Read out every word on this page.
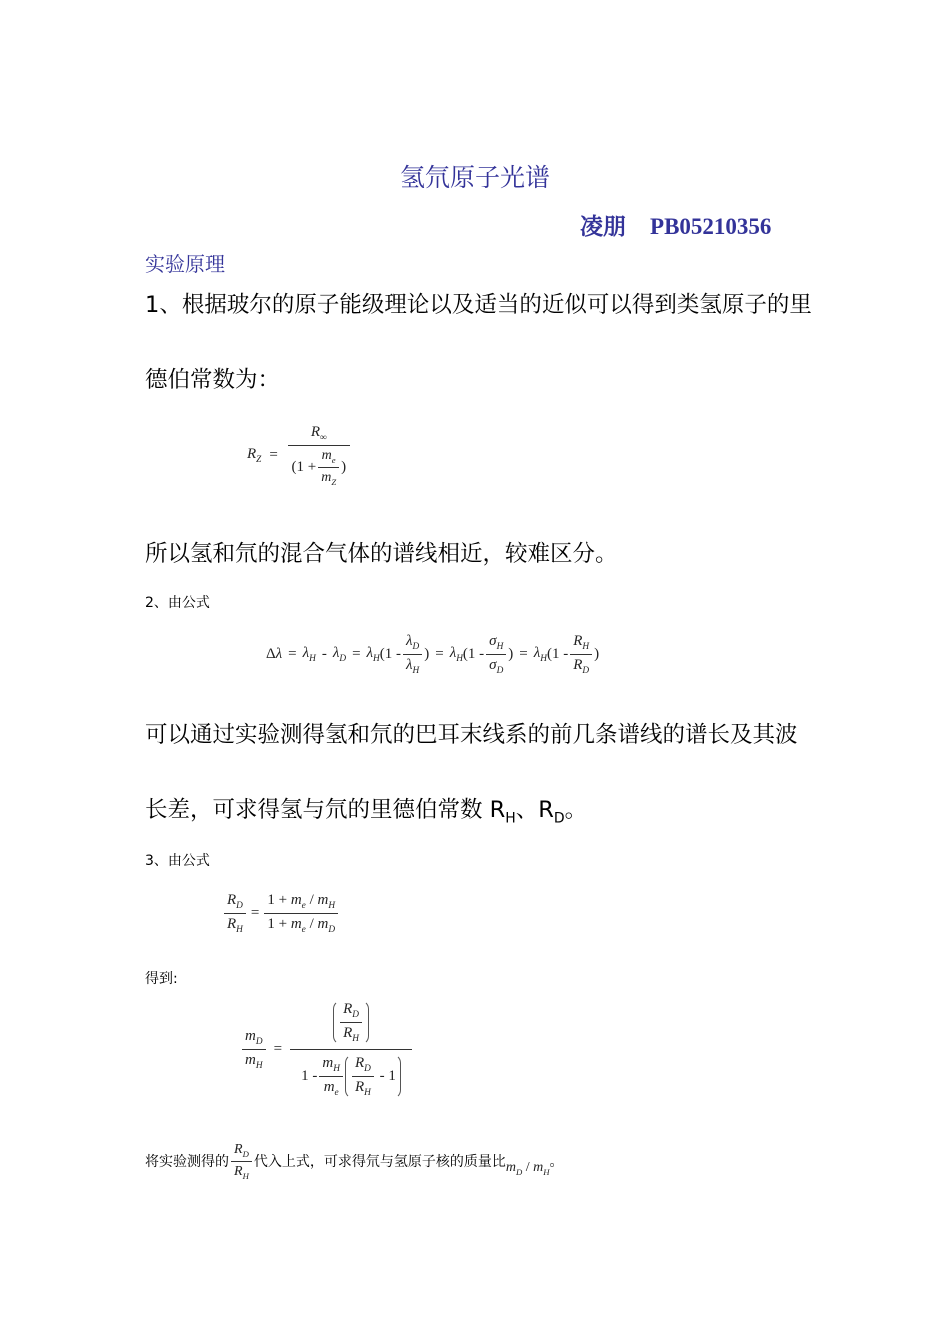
氢氘原子光谱
凌朋 PB05210356
实验原理
1、根据玻尔的原子能级理论以及适当的近似可以得到类氢原子的里
德伯常数为：
$R_Z = \frac{R_\infty}{(1 + \frac{m_e}{m_Z} )}$
所以氢和氘的混合气体的谱线相近，较难区分。
2、由公式
Δ $\lambda = \lambda_H - \lambda_D = \lambda_H$ ($1 - \frac{\lambda_D}{\lambda_H}$ ) = $\lambda_H$ ($1 - \frac{\sigma_H}{\sigma_D}$ ) = $\lambda_H$ ($1 - \frac{R_H}{R_D}$ )
可以通过实验测得氢和氘的巴耳末线系的前几条谱线的谱长及其波
长差，可求得氢与氘的里德伯常数 $R_H$、$R_D$。
3、由公式
$\frac{R_D}{R_H} = \frac{1 + m_e / m_H}{1 + m_e / m_D}$
得到:
$\frac{m_D}{m_H} = \frac{\frac{R_D}{R_H}}{1 - \frac{m_H}{m_e} \frac{R_D}{R_H} - 1}$
将实验测得的 $\frac{R_D}{R_H}$ 代入上式，可求得氘与氢原子核的质量比 $m_D / m_H$
。
